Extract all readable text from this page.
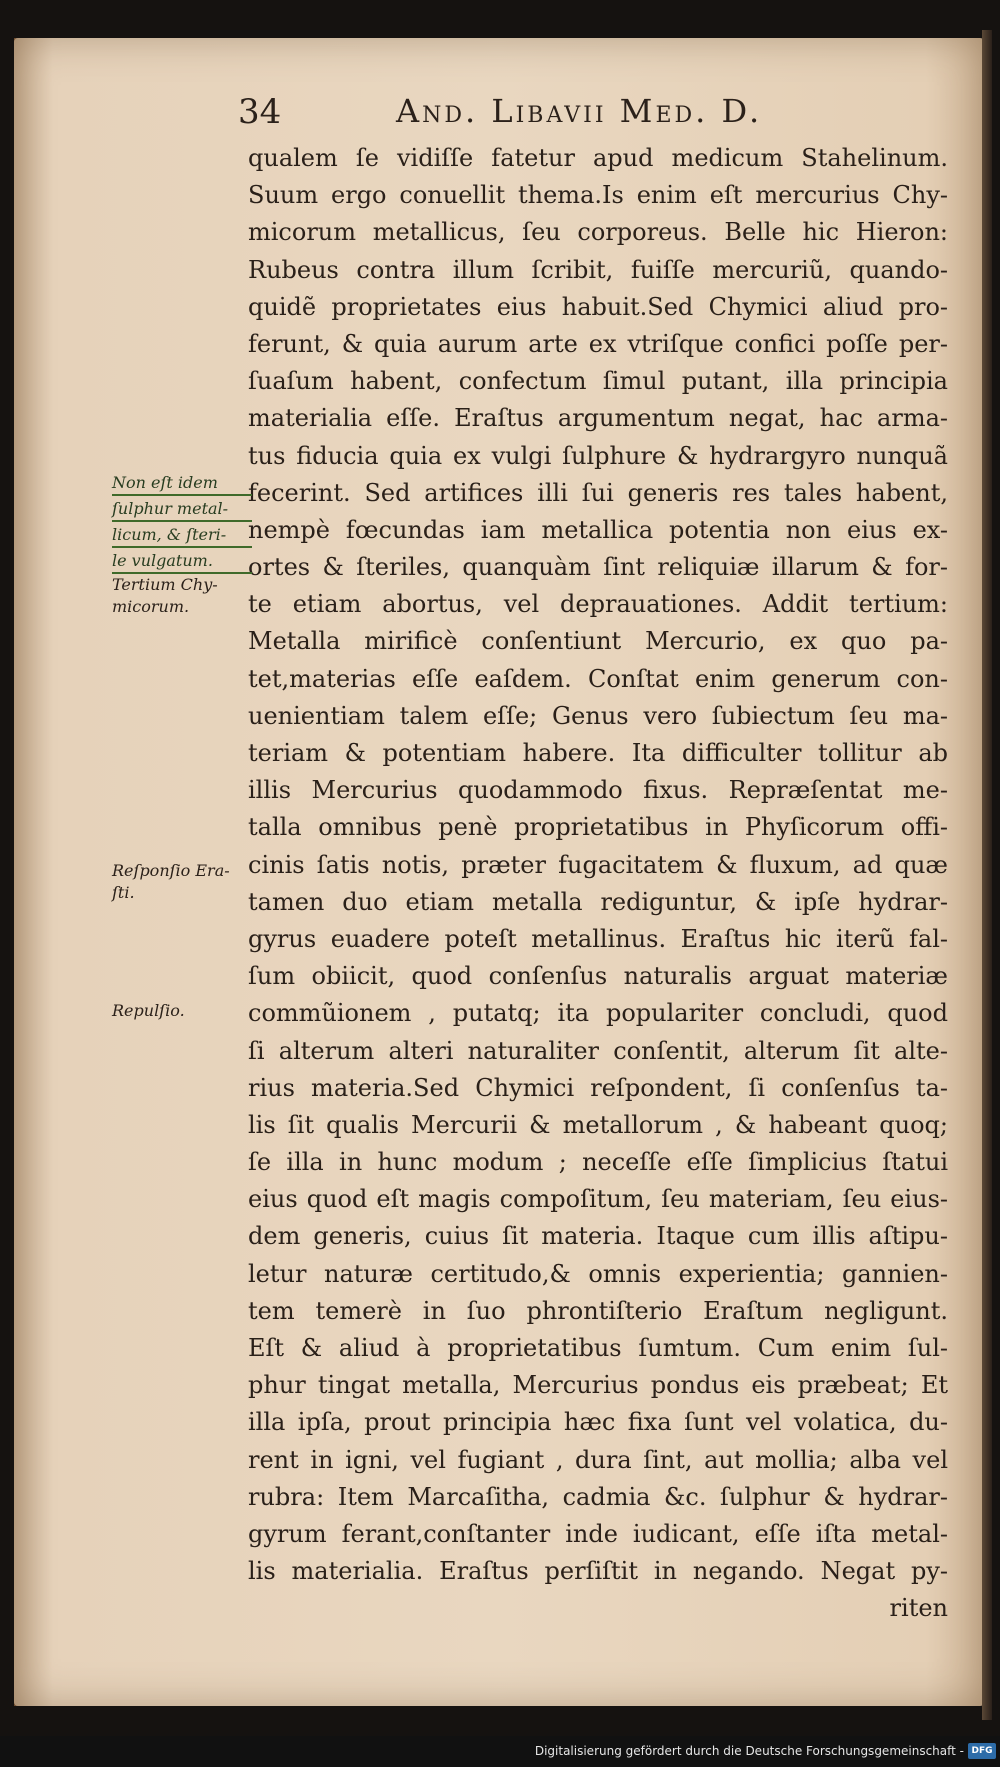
34	And. Libavii Med. D.
qualem ſe vidiſſe fatetur apud medicum Stahelinum.
Suum ergo conuellit thema.Is enim eſt mercurius Chy-
micorum metallicus, ſeu corporeus. Belle hic Hieron:
Rubeus contra illum ſcribit, fuiſſe mercuriũ, quando-
quidẽ proprietates eius habuit.Sed Chymici aliud pro-
ferunt, & quia aurum arte ex vtriſque confici poſſe per-
ſuaſum habent, confectum ſimul putant, illa principia
materialia eſſe. Eraſtus argumentum negat, hac arma-
tus fiducia quia ex vulgi ſulphure & hydrargyro nunquã
fecerint. Sed artifices illi ſui generis res tales habent,
nempè fœcundas iam metallica potentia non eius ex-
ortes & ſteriles, quanquàm ſint reliquiæ illarum & for-
te etiam abortus, vel deprauationes. Addit tertium:
Metalla mirificè conſentiunt Mercurio, ex quo pa-
tet,materias eſſe eaſdem. Conſtat enim generum con-
uenientiam talem eſſe; Genus vero ſubiectum ſeu ma-
teriam & potentiam habere. Ita difficulter tollitur ab
illis Mercurius quodammodo fixus. Repræſentat me-
talla omnibus penè proprietatibus in Phyſicorum offi-
cinis ſatis notis, præter fugacitatem & fluxum, ad quæ
tamen duo etiam metalla rediguntur, & ipſe hydrar-
gyrus euadere poteſt metallinus. Eraſtus hic iterũ fal-
ſum obiicit, quod conſenſus naturalis arguat materiæ
commũionem , putatq; ita populariter concludi, quod
ſi alterum alteri naturaliter conſentit, alterum ſit alte-
rius materia.Sed Chymici reſpondent, ſi conſenſus ta-
lis ſit qualis Mercurii & metallorum , & habeant quoq;
ſe illa in hunc modum ; neceſſe eſſe ſimplicius ſtatui
eius quod eſt magis compoſitum, ſeu materiam, ſeu eius-
dem generis, cuius ſit materia. Itaque cum illis aſtipu-
letur naturæ certitudo,& omnis experientia; gannien-
tem temerè in ſuo phrontiſterio Eraſtum negligunt.
Eſt & aliud à proprietatibus ſumtum. Cum enim ſul-
phur tingat metalla, Mercurius pondus eis præbeat; Et
illa ipſa, prout principia hæc fixa ſunt vel volatica, du-
rent in igni, vel fugiant , dura ſint, aut mollia; alba vel
rubra: Item Marcaſitha, cadmia &c. ſulphur & hydrar-
gyrum ferant,conſtanter inde iudicant, eſſe iſta metal-
lis materialia. Eraſtus perſiſtit in negando. Negat py-
riten
Non eſt idem
ſulphur metal-
licum, & ſteri-
le vulgatum.
Tertium Chy-
micorum.
Reſponſio Era-
ſti.
Repulſio.
Digitalisierung gefördert durch die Deutsche Forschungsgemeinschaft - DFG
